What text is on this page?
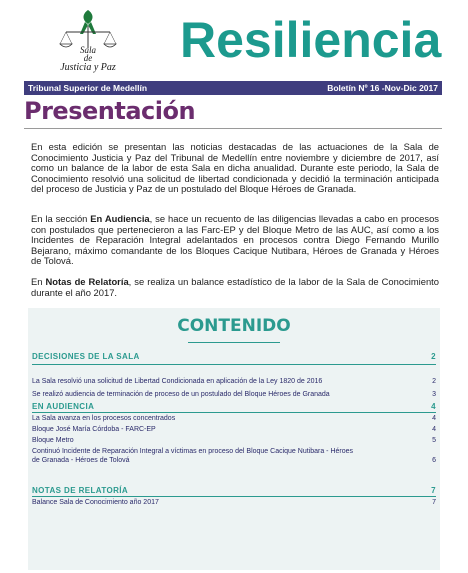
Sala
de
Justicia y Paz Resiliencia
Tribunal Superior de Medellín	Boletín Nº 16 -Nov-Dic 2017
Presentación
En esta edición se presentan las noticias destacadas de las actuaciones de la Sala de Conocimiento Justicia y Paz del Tribunal de Medellín entre noviembre y diciembre de 2017, así como un balance de la labor de esta Sala en dicha anualidad. Durante este periodo, la Sala de Conocimiento resolvió una solicitud de libertad condicionada y decidió la terminación anticipada del proceso de Justicia y Paz de un postulado del Bloque Héroes de Granada.
En la sección En Audiencia, se hace un recuento de las diligencias llevadas a cabo en procesos con postulados que pertenecieron a las Farc-EP y del Bloque Metro de las AUC, así como a los Incidentes de Reparación Integral adelantados en procesos contra Diego Fernando Murillo Bejarano, máximo comandante de los Bloques Cacique Nutibara, Héroes de Granada y Héroes de Tolová.
En Notas de Relatoría, se realiza un balance estadístico de la labor de la Sala de Conocimiento durante el año 2017.
CONTENIDO
DECISIONES DE LA SALA	2
La Sala resolvió una solicitud de Libertad Condicionada en aplicación de la Ley 1820 de 2016	2
Se realizó audiencia de terminación de proceso de un postulado del Bloque Héroes de Granada	3
EN AUDIENCIA	4
La Sala avanza en los procesos concentrados	4
Bloque José María Córdoba - FARC-EP	4
Bloque Metro	5
Continuó Incidente de Reparación Integral a víctimas en proceso del Bloque Cacique Nutibara - Héroes
de Granada - Héroes de Tolová	6
NOTAS DE RELATORÍA	7
Balance Sala de Conocimiento año 2017	7
